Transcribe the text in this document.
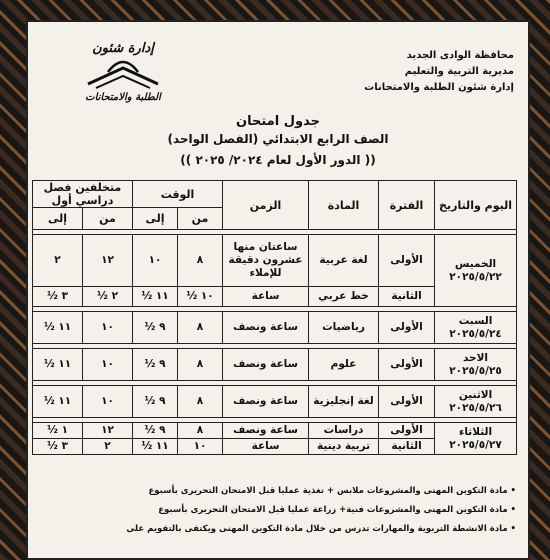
محافظة الوادى الجديد
مديرية التربية والتعليم
إدارة شئون الطلبة والامتحانات
إدارة شئون
الطلبة والامتحانات
جدول امتحان
الصف الرابع الابتدائي (الفصل الواحد)
(( الدور الأول لعام ٢٠٢٤/ ٢٠٢٥ ))
اليوم والتاريخ	الفترة	المادة	الزمن	الوقت		متخلفين فصل دراسي أول	
				من	إلى	من	إلى

الخميس
٢٠٢٥/٥/٢٢	الأولى	لغة عربية	ساعتان منها عشرون دقيقة للإملاء	٨	١٠	١٢	٢
	الثانية	خط عربي	ساعة	١٠ ½	١١ ½	٢ ½	٣ ½

السبت
٢٠٢٥/٥/٢٤	الأولى	رياضيات	ساعة ونصف	٨	٩ ½	١٠	١١ ½

الاحد
٢٠٢٥/٥/٢٥	الأولى	علوم	ساعة ونصف	٨	٩ ½	١٠	١١ ½

الاثنين
٢٠٢٥/٥/٢٦	الأولى	لغة إنجليزية	ساعة ونصف	٨	٩ ½	١٠	١١ ½

الثلاثاء
٢٠٢٥/٥/٢٧	الأولى	دراسات	ساعة ونصف	٨	٩ ½	١٢	١ ½
	الثانية	تربية دينية	ساعة	١٠	١١ ½	٢	٣ ½
• مادة التكوين المهنى والمشروعات ملابس + تغذية عمليا قبل الامتحان التحريرى بأسبوع
• مادة التكوين المهنى والمشروعات فنية+ زراعة عمليا قبل الامتحان التحريرى بأسبوع
• مادة الانشطة التربوية والمهارات تدرس من خلال مادة التكوين المهنى ويكتفى بالتقويم على
